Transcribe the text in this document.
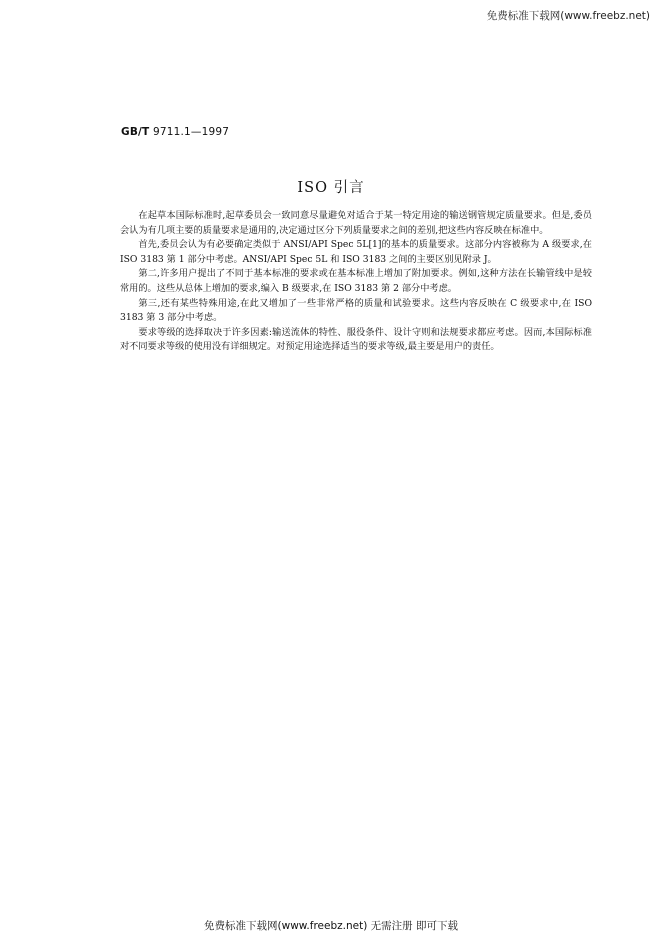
免费标准下载网(www.freebz.net)
GB/T 9711.1—1997
ISO 引言

在起草本国际标准时,起草委员会一致同意尽量避免对适合于某一特定用途的输送钢管规定质量要求。但是,委员会认为有几项主要的质量要求是通用的,决定通过区分下列质量要求之间的差别,把这些内容反映在标准中。

首先,委员会认为有必要确定类似于 ANSI/API Spec 5L[1]的基本的质量要求。这部分内容被称为 A 级要求,在 ISO 3183 第 1 部分中考虑。ANSI/API Spec 5L 和 ISO 3183 之间的主要区别见附录 J。

第二,许多用户提出了不同于基本标准的要求或在基本标准上增加了附加要求。例如,这种方法在长输管线中是较常用的。这些从总体上增加的要求,编入 B 级要求,在 ISO 3183 第 2 部分中考虑。

第三,还有某些特殊用途,在此又增加了一些非常严格的质量和试验要求。这些内容反映在 C 级要求中,在 ISO 3183 第 3 部分中考虑。

要求等级的选择取决于许多因素:输送流体的特性、服役条件、设计守则和法规要求都应考虑。因而,本国际标准对不同要求等级的使用没有详细规定。对预定用途选择适当的要求等级,最主要是用户的责任。

免费标准下载网(www.freebz.net) 无需注册 即可下载
